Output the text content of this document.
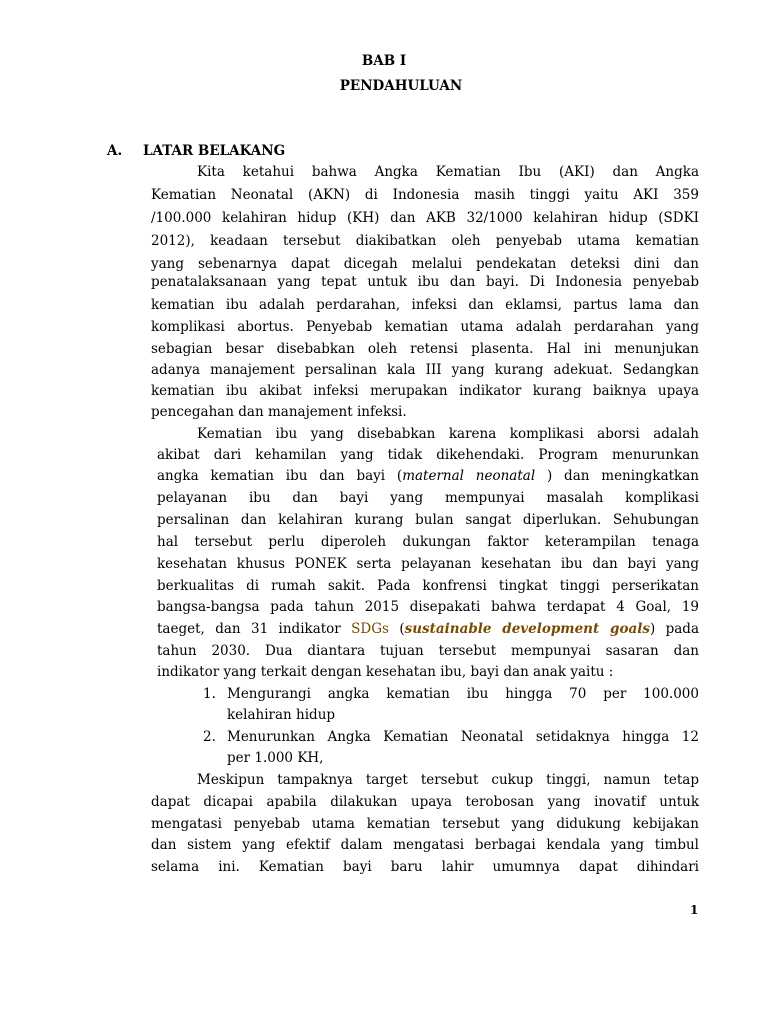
BAB I
PENDAHULUAN
A. LATAR BELAKANG
Kita ketahui bahwa Angka Kematian Ibu (AKI) dan Angka
Kematian Neonatal (AKN) di Indonesia masih tinggi yaitu AKI 359
/100.000 kelahiran hidup (KH) dan AKB 32/1000 kelahiran hidup (SDKI
2012), keadaan tersebut diakibatkan oleh penyebab utama kematian
yang sebenarnya dapat dicegah melalui pendekatan deteksi dini dan
penatalaksanaan yang tepat untuk ibu dan bayi. Di Indonesia penyebab
kematian ibu adalah perdarahan, infeksi dan eklamsi, partus lama dan
komplikasi abortus. Penyebab kematian utama adalah perdarahan yang
sebagian besar disebabkan oleh retensi plasenta. Hal ini menunjukan
adanya manajement persalinan kala III yang kurang adekuat. Sedangkan
kematian ibu akibat infeksi merupakan indikator kurang baiknya upaya
pencegahan dan manajement infeksi.
Kematian ibu yang disebabkan karena komplikasi aborsi adalah
akibat dari kehamilan yang tidak dikehendaki. Program menurunkan
angka kematian ibu dan bayi (maternal neonatal ) dan meningkatkan
pelayanan ibu dan bayi yang mempunyai masalah komplikasi
persalinan dan kelahiran kurang bulan sangat diperlukan. Sehubungan
hal tersebut perlu diperoleh dukungan faktor keterampilan tenaga
kesehatan khusus PONEK serta pelayanan kesehatan ibu dan bayi yang
berkualitas di rumah sakit. Pada konfrensi tingkat tinggi perserikatan
bangsa-bangsa pada tahun 2015 disepakati bahwa terdapat 4 Goal, 19
taeget, dan 31 indikator SDGs (sustainable development goals) pada
tahun 2030. Dua diantara tujuan tersebut mempunyai sasaran dan
indikator yang terkait dengan kesehatan ibu, bayi dan anak yaitu :
1. Mengurangi angka kematian ibu hingga 70 per 100.000
kelahiran hidup
2. Menurunkan Angka Kematian Neonatal setidaknya hingga 12
per 1.000 KH,
Meskipun tampaknya target tersebut cukup tinggi, namun tetap
dapat dicapai apabila dilakukan upaya terobosan yang inovatif untuk
mengatasi penyebab utama kematian tersebut yang didukung kebijakan
dan sistem yang efektif dalam mengatasi berbagai kendala yang timbul
selama ini. Kematian bayi baru lahir umumnya dapat dihindari
1
